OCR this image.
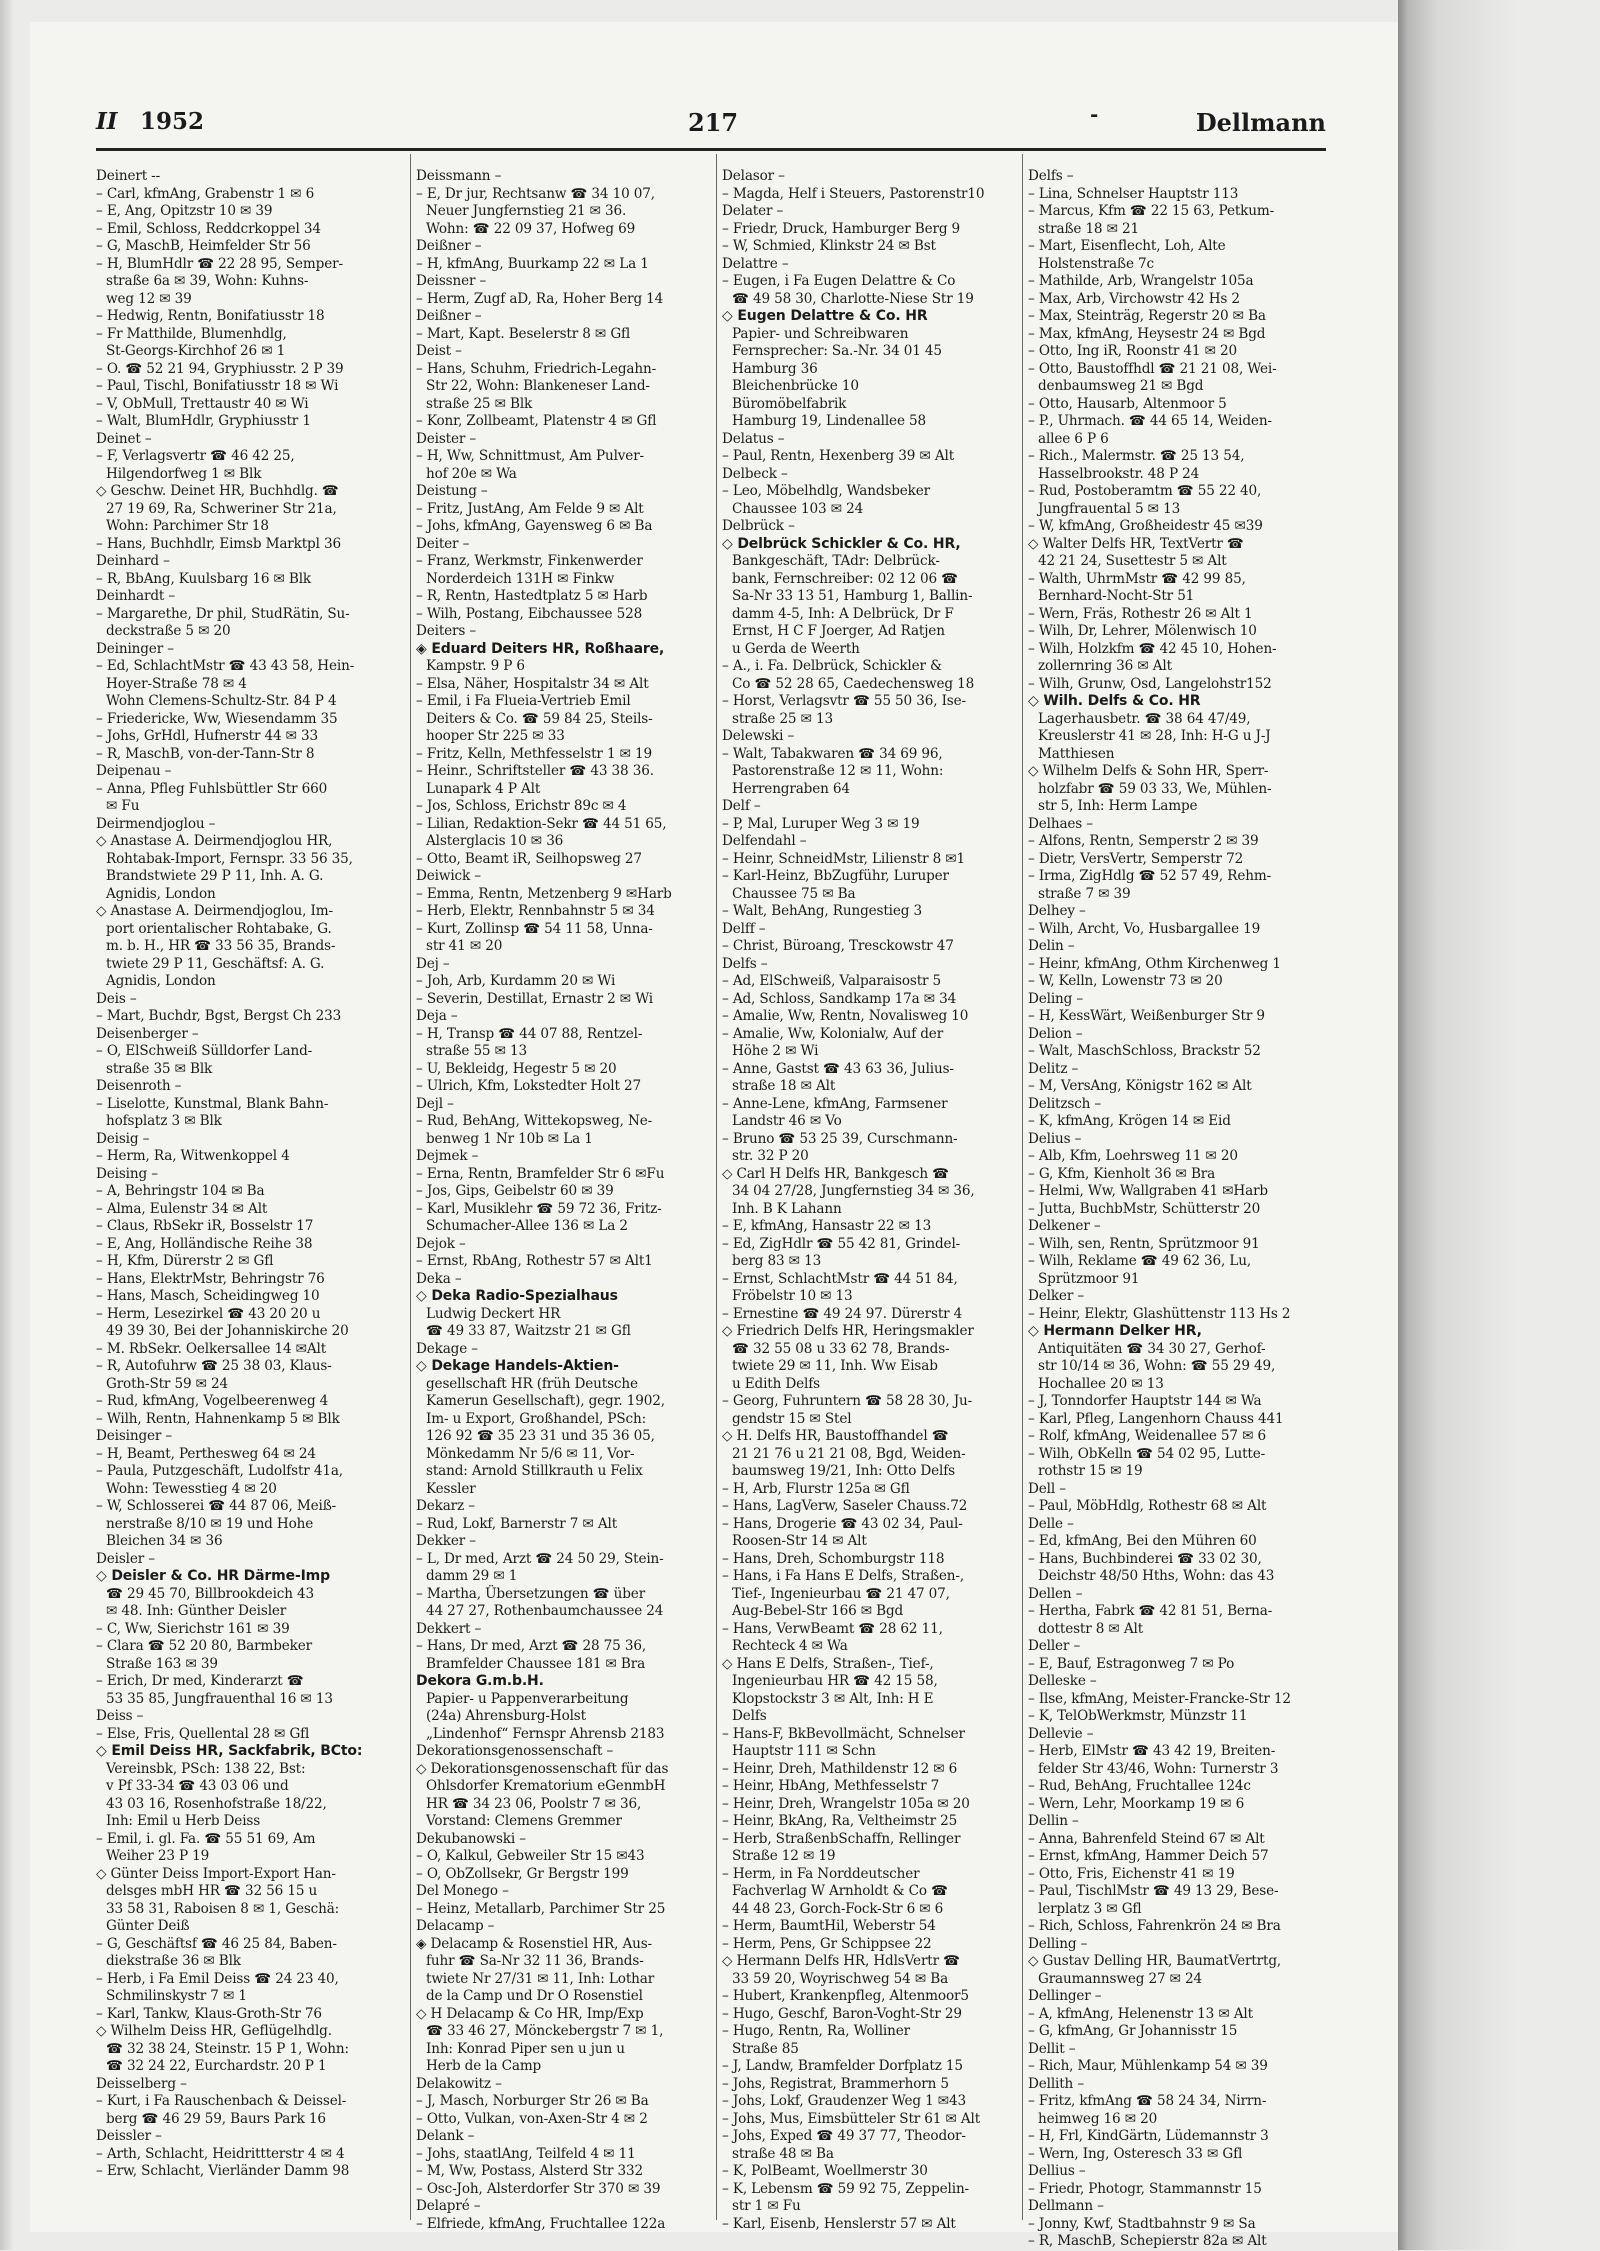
II 1952	217	-	Dellmann
Deinert --
– Carl, kfmAng, Grabenstr 1 ✉ 6
– E, Ang, Opitzstr 10 ✉ 39
– Emil, Schloss, Reddcrkoppel 34
– G, MaschB, Heimfelder Str 56
– H, BlumHdlr ☎ 22 28 95, Semper-
straße 6a ✉ 39, Wohn: Kuhns-
weg 12 ✉ 39
– Hedwig, Rentn, Bonifatiusstr 18
– Fr Matthilde, Blumenhdlg,
St-Georgs-Kirchhof 26 ✉ 1
– O. ☎ 52 21 94, Gryphiusstr. 2 P 39
– Paul, Tischl, Bonifatiusstr 18 ✉ Wi
– V, ObMull, Trettaustr 40 ✉ Wi
– Walt, BlumHdlr, Gryphiusstr 1
Deinet –
– F, Verlagsvertr ☎ 46 42 25,
Hilgendorfweg 1 ✉ Blk
◇ Geschw. Deinet HR, Buchhdlg. ☎
27 19 69, Ra, Schweriner Str 21a,
Wohn: Parchimer Str 18
– Hans, Buchhdlr, Eimsb Marktpl 36
Deinhard –
– R, BbAng, Kuulsbarg 16 ✉ Blk
Deinhardt –
– Margarethe, Dr phil, StudRätin, Su-
deckstraße 5 ✉ 20
Deininger –
– Ed, SchlachtMstr ☎ 43 43 58, Hein-
Hoyer-Straße 78 ✉ 4
Wohn Clemens-Schultz-Str. 84 P 4
– Friedericke, Ww, Wiesendamm 35
– Johs, GrHdl, Hufnerstr 44 ✉ 33
– R, MaschB, von-der-Tann-Str 8
Deipenau –
– Anna, Pfleg Fuhlsbüttler Str 660
✉ Fu
Deirmendjoglou –
◇ Anastase A. Deirmendjoglou HR,
Rohtabak-Import, Fernspr. 33 56 35,
Brandstwiete 29 P 11, Inh. A. G.
Agnidis, London
◇ Anastase A. Deirmendjoglou, Im-
port orientalischer Rohtabake, G.
m. b. H., HR ☎ 33 56 35, Brands-
twiete 29 P 11, Geschäftsf: A. G.
Agnidis, London
Deis –
– Mart, Buchdr, Bgst, Bergst Ch 233
Deisenberger –
– O, ElSchweiß Sülldorfer Land-
straße 35 ✉ Blk
Deisenroth –
– Liselotte, Kunstmal, Blank Bahn-
hofsplatz 3 ✉ Blk
Deisig –
– Herm, Ra, Witwenkoppel 4
Deising –
– A, Behringstr 104 ✉ Ba
– Alma, Eulenstr 34 ✉ Alt
– Claus, RbSekr iR, Bosselstr 17
– E, Ang, Holländische Reihe 38
– H, Kfm, Dürerstr 2 ✉ Gfl
– Hans, ElektrMstr, Behringstr 76
– Hans, Masch, Scheidingweg 10
– Herm, Lesezirkel ☎ 43 20 20 u
49 39 30, Bei der Johanniskirche 20
– M. RbSekr. Oelkersallee 14 ✉Alt
– R, Autofuhrw ☎ 25 38 03, Klaus-
Groth-Str 59 ✉ 24
– Rud, kfmAng, Vogelbeerenweg 4
– Wilh, Rentn, Hahnenkamp 5 ✉ Blk
Deisinger –
– H, Beamt, Perthesweg 64 ✉ 24
– Paula, Putzgeschäft, Ludolfstr 41a,
Wohn: Tewesstieg 4 ✉ 20
– W, Schlosserei ☎ 44 87 06, Meiß-
nerstraße 8/10 ✉ 19 und Hohe
Bleichen 34 ✉ 36
Deisler –
◇ Deisler & Co. HR Därme-Imp
☎ 29 45 70, Billbrookdeich 43
✉ 48. Inh: Günther Deisler
– C, Ww, Sierichstr 161 ✉ 39
– Clara ☎ 52 20 80, Barmbeker
Straße 163 ✉ 39
– Erich, Dr med, Kinderarzt ☎
53 35 85, Jungfrauenthal 16 ✉ 13
Deiss –
– Else, Fris, Quellental 28 ✉ Gfl
◇ Emil Deiss HR, Sackfabrik, BCto:
Vereinsbk, PSch: 138 22, Bst:
v Pf 33-34 ☎ 43 03 06 und
43 03 16, Rosenhofstraße 18/22,
Inh: Emil u Herb Deiss
– Emil, i. gl. Fa. ☎ 55 51 69, Am
Weiher 23 P 19
◇ Günter Deiss Import-Export Han-
delsges mbH HR ☎ 32 56 15 u
33 58 31, Raboisen 8 ✉ 1, Geschä:
Günter Deiß
– G, Geschäftsf ☎ 46 25 84, Baben-
diekstraße 36 ✉ Blk
– Herb, i Fa Emil Deiss ☎ 24 23 40,
Schmilinskystr 7 ✉ 1
– Karl, Tankw, Klaus-Groth-Str 76
◇ Wilhelm Deiss HR, Geflügelhdlg.
☎ 32 38 24, Steinstr. 15 P 1, Wohn:
☎ 32 24 22, Eurchardstr. 20 P 1
Deisselberg –
– Kurt, i Fa Rauschenbach & Deissel-
berg ☎ 46 29 59, Baurs Park 16
Deissler –
– Arth, Schlacht, Heidrittterstr 4 ✉ 4
– Erw, Schlacht, Vierländer Damm 98
Deissmann –
– E, Dr jur, Rechtsanw ☎ 34 10 07,
Neuer Jungfernstieg 21 ✉ 36.
Wohn: ☎ 22 09 37, Hofweg 69
Deißner –
– H, kfmAng, Buurkamp 22 ✉ La 1
Deissner –
– Herm, Zugf aD, Ra, Hoher Berg 14
Deißner –
– Mart, Kapt. Beselerstr 8 ✉ Gfl
Deist –
– Hans, Schuhm, Friedrich-Legahn-
Str 22, Wohn: Blankeneser Land-
straße 25 ✉ Blk
– Konr, Zollbeamt, Platenstr 4 ✉ Gfl
Deister –
– H, Ww, Schnittmust, Am Pulver-
hof 20e ✉ Wa
Deistung –
– Fritz, JustAng, Am Felde 9 ✉ Alt
– Johs, kfmAng, Gayensweg 6 ✉ Ba
Deiter –
– Franz, Werkmstr, Finkenwerder
Norderdeich 131H ✉ Finkw
– R, Rentn, Hastedtplatz 5 ✉ Harb
– Wilh, Postang, Eibchaussee 528
Deiters –
◈ Eduard Deiters HR, Roßhaare,
Kampstr. 9 P 6
– Elsa, Näher, Hospitalstr 34 ✉ Alt
– Emil, i Fa Flueia-Vertrieb Emil
Deiters & Co. ☎ 59 84 25, Steils-
hooper Str 225 ✉ 33
– Fritz, Kelln, Methfesselstr 1 ✉ 19
– Heinr., Schriftsteller ☎ 43 38 36.
Lunapark 4 P Alt
– Jos, Schloss, Erichstr 89c ✉ 4
– Lilian, Redaktion-Sekr ☎ 44 51 65,
Alsterglacis 10 ✉ 36
– Otto, Beamt iR, Seilhopsweg 27
Deiwick –
– Emma, Rentn, Metzenberg 9 ✉Harb
– Herb, Elektr, Rennbahnstr 5 ✉ 34
– Kurt, Zollinsp ☎ 54 11 58, Unna-
str 41 ✉ 20
Dej –
– Joh, Arb, Kurdamm 20 ✉ Wi
– Severin, Destillat, Ernastr 2 ✉ Wi
Deja –
– H, Transp ☎ 44 07 88, Rentzel-
straße 55 ✉ 13
– U, Bekleidg, Hegestr 5 ✉ 20
– Ulrich, Kfm, Lokstedter Holt 27
Dejl –
– Rud, BehAng, Wittekopsweg, Ne-
benweg 1 Nr 10b ✉ La 1
Dejmek –
– Erna, Rentn, Bramfelder Str 6 ✉Fu
– Jos, Gips, Geibelstr 60 ✉ 39
– Karl, Musiklehr ☎ 59 72 36, Fritz-
Schumacher-Allee 136 ✉ La 2
Dejok –
– Ernst, RbAng, Rothestr 57 ✉ Alt1
Deka –
◇ Deka Radio-Spezialhaus
Ludwig Deckert HR
☎ 49 33 87, Waitzstr 21 ✉ Gfl
Dekage –
◇ Dekage Handels-Aktien-
gesellschaft HR (früh Deutsche
Kamerun Gesellschaft), gegr. 1902,
Im- u Export, Großhandel, PSch:
126 92 ☎ 35 23 31 und 35 36 05,
Mönkedamm Nr 5/6 ✉ 11, Vor-
stand: Arnold Stillkrauth u Felix
Kessler
Dekarz –
– Rud, Lokf, Barnerstr 7 ✉ Alt
Dekker –
– L, Dr med, Arzt ☎ 24 50 29, Stein-
damm 29 ✉ 1
– Martha, Übersetzungen ☎ über
44 27 27, Rothenbaumchaussee 24
Dekkert –
– Hans, Dr med, Arzt ☎ 28 75 36,
Bramfelder Chaussee 181 ✉ Bra
Dekora G.m.b.H.
Papier- u Pappenverarbeitung
(24a) Ahrensburg-Holst
„Lindenhof“ Fernspr Ahrensb 2183
Dekorationsgenossenschaft –
◇ Dekorationsgenossenschaft für das
Ohlsdorfer Krematorium eGenmbH
HR ☎ 34 23 06, Poolstr 7 ✉ 36,
Vorstand: Clemens Gremmer
Dekubanowski –
– O, Kalkul, Gebweiler Str 15 ✉43
– O, ObZollsekr, Gr Bergstr 199
Del Monego –
– Heinz, Metallarb, Parchimer Str 25
Delacamp –
◈ Delacamp & Rosenstiel HR, Aus-
fuhr ☎ Sa-Nr 32 11 36, Brands-
twiete Nr 27/31 ✉ 11, Inh: Lothar
de la Camp und Dr O Rosenstiel
◇ H Delacamp & Co HR, Imp/Exp
☎ 33 46 27, Mönckebergstr 7 ✉ 1,
Inh: Konrad Piper sen u jun u
Herb de la Camp
Delakowitz –
– J, Masch, Norburger Str 26 ✉ Ba
– Otto, Vulkan, von-Axen-Str 4 ✉ 2
Delank –
– Johs, staatlAng, Teilfeld 4 ✉ 11
– M, Ww, Postass, Alsterd Str 332
– Osc-Joh, Alsterdorfer Str 370 ✉ 39
Delapré –
– Elfriede, kfmAng, Fruchtallee 122a
Delasor –
– Magda, Helf i Steuers, Pastorenstr10
Delater –
– Friedr, Druck, Hamburger Berg 9
– W, Schmied, Klinkstr 24 ✉ Bst
Delattre –
– Eugen, i Fa Eugen Delattre & Co
☎ 49 58 30, Charlotte-Niese Str 19
◇ Eugen Delattre & Co. HR
Papier- und Schreibwaren
Fernsprecher: Sa.-Nr. 34 01 45
Hamburg 36
Bleichenbrücke 10
Büromöbelfabrik
Hamburg 19, Lindenallee 58
Delatus –
– Paul, Rentn, Hexenberg 39 ✉ Alt
Delbeck –
– Leo, Möbelhdlg, Wandsbeker
Chaussee 103 ✉ 24
Delbrück –
◇ Delbrück Schickler & Co. HR,
Bankgeschäft, TAdr: Delbrück-
bank, Fernschreiber: 02 12 06 ☎
Sa-Nr 33 13 51, Hamburg 1, Ballin-
damm 4-5, Inh: A Delbrück, Dr F
Ernst, H C F Joerger, Ad Ratjen
u Gerda de Weerth
– A., i. Fa. Delbrück, Schickler &
Co ☎ 52 28 65, Caedechensweg 18
– Horst, Verlagsvtr ☎ 55 50 36, Ise-
straße 25 ✉ 13
Delewski –
– Walt, Tabakwaren ☎ 34 69 96,
Pastorenstraße 12 ✉ 11, Wohn:
Herrengraben 64
Delf –
– P, Mal, Luruper Weg 3 ✉ 19
Delfendahl –
– Heinr, SchneidMstr, Lilienstr 8 ✉1
– Karl-Heinz, BbZugführ, Luruper
Chaussee 75 ✉ Ba
– Walt, BehAng, Rungestieg 3
Delff –
– Christ, Büroang, Tresckowstr 47
Delfs –
– Ad, ElSchweiß, Valparaisostr 5
– Ad, Schloss, Sandkamp 17a ✉ 34
– Amalie, Ww, Rentn, Novalisweg 10
– Amalie, Ww, Kolonialw, Auf der
Höhe 2 ✉ Wi
– Anne, Gastst ☎ 43 63 36, Julius-
straße 18 ✉ Alt
– Anne-Lene, kfmAng, Farmsener
Landstr 46 ✉ Vo
– Bruno ☎ 53 25 39, Curschmann-
str. 32 P 20
◇ Carl H Delfs HR, Bankgesch ☎
34 04 27/28, Jungfernstieg 34 ✉ 36,
Inh. B K Lahann
– E, kfmAng, Hansastr 22 ✉ 13
– Ed, ZigHdlr ☎ 55 42 81, Grindel-
berg 83 ✉ 13
– Ernst, SchlachtMstr ☎ 44 51 84,
Fröbelstr 10 ✉ 13
– Ernestine ☎ 49 24 97. Dürerstr 4
◇ Friedrich Delfs HR, Heringsmakler
☎ 32 55 08 u 33 62 78, Brands-
twiete 29 ✉ 11, Inh. Ww Eisab
u Edith Delfs
– Georg, Fuhruntern ☎ 58 28 30, Ju-
gendstr 15 ✉ Stel
◇ H. Delfs HR, Baustoffhandel ☎
21 21 76 u 21 21 08, Bgd, Weiden-
baumsweg 19/21, Inh: Otto Delfs
– H, Arb, Flurstr 125a ✉ Gfl
– Hans, LagVerw, Saseler Chauss.72
– Hans, Drogerie ☎ 43 02 34, Paul-
Roosen-Str 14 ✉ Alt
– Hans, Dreh, Schomburgstr 118
– Hans, i Fa Hans E Delfs, Straßen-,
Tief-, Ingenieurbau ☎ 21 47 07,
Aug-Bebel-Str 166 ✉ Bgd
– Hans, VerwBeamt ☎ 28 62 11,
Rechteck 4 ✉ Wa
◇ Hans E Delfs, Straßen-, Tief-,
Ingenieurbau HR ☎ 42 15 58,
Klopstockstr 3 ✉ Alt, Inh: H E
Delfs
– Hans-F, BkBevollmächt, Schnelser
Hauptstr 111 ✉ Schn
– Heinr, Dreh, Mathildenstr 12 ✉ 6
– Heinr, HbAng, Methfesselstr 7
– Heinr, Dreh, Wrangelstr 105a ✉ 20
– Heinr, BkAng, Ra, Veltheimstr 25
– Herb, StraßenbSchaffn, Rellinger
Straße 12 ✉ 19
– Herm, in Fa Norddeutscher
Fachverlag W Arnholdt & Co ☎
44 48 23, Gorch-Fock-Str 6 ✉ 6
– Herm, BaumtHil, Weberstr 54
– Herm, Pens, Gr Schippsee 22
◇ Hermann Delfs HR, HdlsVertr ☎
33 59 20, Woyrischweg 54 ✉ Ba
– Hubert, Krankenpfleg, Altenmoor5
– Hugo, Geschf, Baron-Voght-Str 29
– Hugo, Rentn, Ra, Wolliner
Straße 85
– J, Landw, Bramfelder Dorfplatz 15
– Johs, Registrat, Brammerhorn 5
– Johs, Lokf, Graudenzer Weg 1 ✉43
– Johs, Mus, Eimsbütteler Str 61 ✉ Alt
– Johs, Exped ☎ 49 37 77, Theodor-
straße 48 ✉ Ba
– K, PolBeamt, Woellmerstr 30
– K, Lebensm ☎ 59 92 75, Zeppelin-
str 1 ✉ Fu
– Karl, Eisenb, Henslerstr 57 ✉ Alt
Delfs –
– Lina, Schnelser Hauptstr 113
– Marcus, Kfm ☎ 22 15 63, Petkum-
straße 18 ✉ 21
– Mart, Eisenflecht, Loh, Alte
Holstenstraße 7c
– Mathilde, Arb, Wrangelstr 105a
– Max, Arb, Virchowstr 42 Hs 2
– Max, Steinträg, Regerstr 20 ✉ Ba
– Max, kfmAng, Heysestr 24 ✉ Bgd
– Otto, Ing iR, Roonstr 41 ✉ 20
– Otto, Baustoffhdl ☎ 21 21 08, Wei-
denbaumsweg 21 ✉ Bgd
– Otto, Hausarb, Altenmoor 5
– P., Uhrmach. ☎ 44 65 14, Weiden-
allee 6 P 6
– Rich., Malermstr. ☎ 25 13 54,
Hasselbrookstr. 48 P 24
– Rud, Postoberamtm ☎ 55 22 40,
Jungfrauental 5 ✉ 13
– W, kfmAng, Großheidestr 45 ✉39
◇ Walter Delfs HR, TextVertr ☎
42 21 24, Susettestr 5 ✉ Alt
– Walth, UhrmMstr ☎ 42 99 85,
Bernhard-Nocht-Str 51
– Wern, Fräs, Rothestr 26 ✉ Alt 1
– Wilh, Dr, Lehrer, Mölenwisch 10
– Wilh, Holzkfm ☎ 42 45 10, Hohen-
zollernring 36 ✉ Alt
– Wilh, Grunw, Osd, Langelohstr152
◇ Wilh. Delfs & Co. HR
Lagerhausbetr. ☎ 38 64 47/49,
Kreuslerstr 41 ✉ 28, Inh: H-G u J-J
Matthiesen
◇ Wilhelm Delfs & Sohn HR, Sperr-
holzfabr ☎ 59 03 33, We, Mühlen-
str 5, Inh: Herm Lampe
Delhaes –
– Alfons, Rentn, Semperstr 2 ✉ 39
– Dietr, VersVertr, Semperstr 72
– Irma, ZigHdlg ☎ 52 57 49, Rehm-
straße 7 ✉ 39
Delhey –
– Wilh, Archt, Vo, Husbargallee 19
Delin –
– Heinr, kfmAng, Othm Kirchenweg 1
– W, Kelln, Lowenstr 73 ✉ 20
Deling –
– H, KessWärt, Weißenburger Str 9
Delion –
– Walt, MaschSchloss, Brackstr 52
Delitz –
– M, VersAng, Königstr 162 ✉ Alt
Delitzsch –
– K, kfmAng, Krögen 14 ✉ Eid
Delius –
– Alb, Kfm, Loehrsweg 11 ✉ 20
– G, Kfm, Kienholt 36 ✉ Bra
– Helmi, Ww, Wallgraben 41 ✉Harb
– Jutta, BuchbMstr, Schütterstr 20
Delkener –
– Wilh, sen, Rentn, Sprützmoor 91
– Wilh, Reklame ☎ 49 62 36, Lu,
Sprützmoor 91
Delker –
– Heinr, Elektr, Glashüttenstr 113 Hs 2
◇ Hermann Delker HR,
Antiquitäten ☎ 34 30 27, Gerhof-
str 10/14 ✉ 36, Wohn: ☎ 55 29 49,
Hochallee 20 ✉ 13
– J, Tonndorfer Hauptstr 144 ✉ Wa
– Karl, Pfleg, Langenhorn Chauss 441
– Rolf, kfmAng, Weidenallee 57 ✉ 6
– Wilh, ObKelln ☎ 54 02 95, Lutte-
rothstr 15 ✉ 19
Dell –
– Paul, MöbHdlg, Rothestr 68 ✉ Alt
Delle –
– Ed, kfmAng, Bei den Mühren 60
– Hans, Buchbinderei ☎ 33 02 30,
Deichstr 48/50 Hths, Wohn: das 43
Dellen –
– Hertha, Fabrk ☎ 42 81 51, Berna-
dottestr 8 ✉ Alt
Deller –
– E, Bauf, Estragonweg 7 ✉ Po
Delleske –
– Ilse, kfmAng, Meister-Francke-Str 12
– K, TelObWerkmstr, Münzstr 11
Dellevie –
– Herb, ElMstr ☎ 43 42 19, Breiten-
felder Str 43/46, Wohn: Turnerstr 3
– Rud, BehAng, Fruchtallee 124c
– Wern, Lehr, Moorkamp 19 ✉ 6
Dellin –
– Anna, Bahrenfeld Steind 67 ✉ Alt
– Ernst, kfmAng, Hammer Deich 57
– Otto, Fris, Eichenstr 41 ✉ 19
– Paul, TischlMstr ☎ 49 13 29, Bese-
lerplatz 3 ✉ Gfl
– Rich, Schloss, Fahrenkrön 24 ✉ Bra
Delling –
◇ Gustav Delling HR, BaumatVertrtg,
Graumannsweg 27 ✉ 24
Dellinger –
– A, kfmAng, Helenenstr 13 ✉ Alt
– G, kfmAng, Gr Johannisstr 15
Dellit –
– Rich, Maur, Mühlenkamp 54 ✉ 39
Dellith –
– Fritz, kfmAng ☎ 58 24 34, Nirrn-
heimweg 16 ✉ 20
– H, Frl, KindGärtn, Lüdemannstr 3
– Wern, Ing, Osteresch 33 ✉ Gfl
Dellius –
– Friedr, Photogr, Stammannstr 15
Dellmann –
– Jonny, Kwf, Stadtbahnstr 9 ✉ Sa
– R, MaschB, Schepierstr 82a ✉ Alt
